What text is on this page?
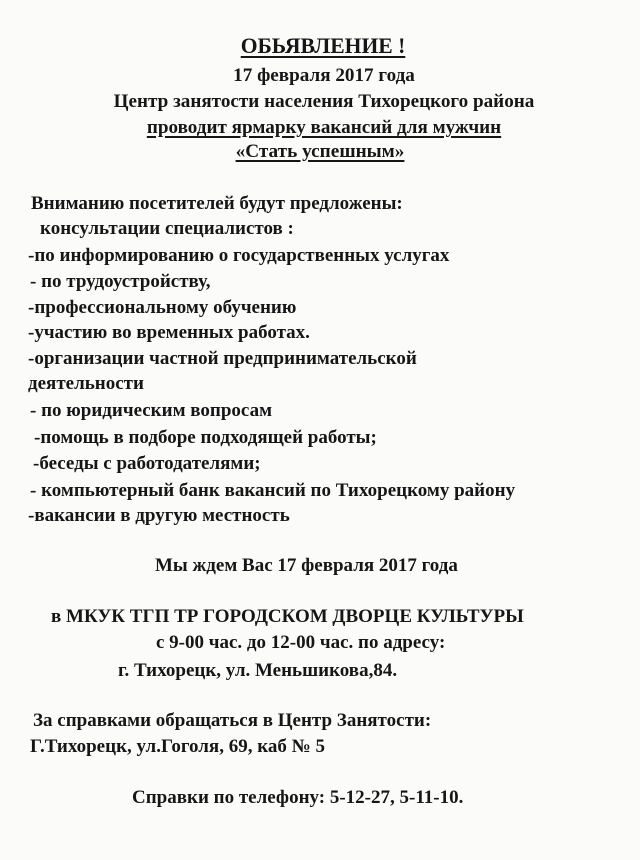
ОБЬЯВЛЕНИЕ !
17 февраля 2017 года
Центр занятости населения Тихорецкого района
проводит ярмарку вакансий для мужчин
«Стать успешным»
Вниманию посетителей будут предложены:
консультации специалистов :
-по информированию о государственных услугах
- по трудоустройству,
-профессиональному обучению
-участию во временных работах.
-организации частной предпринимательской
деятельности
- по юридическим вопросам
-помощь в подборе подходящей работы;
-беседы с работодателями;
- компьютерный банк вакансий по Тихорецкому району
-вакансии в другую местность
Мы ждем Вас 17 февраля 2017 года
в МКУК ТГП ТР ГОРОДСКОМ ДВОРЦЕ КУЛЬТУРЫ
с 9-00 час. до 12-00 час. по адресу:
г. Тихорецк, ул. Меньшикова,84.
За справками обращаться в Центр Занятости:
Г.Тихорецк, ул.Гоголя, 69, каб № 5
Справки по телефону: 5-12-27, 5-11-10.
